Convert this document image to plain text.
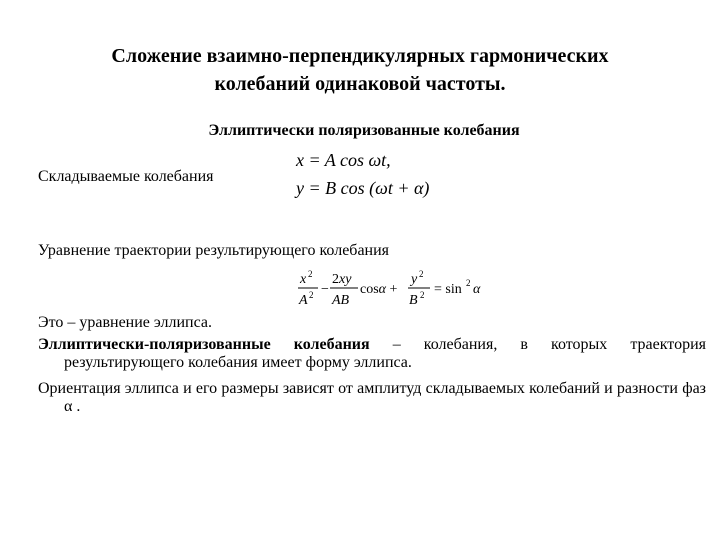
Сложение взаимно-перпендикулярных гармонических
колебаний одинаковой частоты.
Эллиптически поляризованные колебания
Складываемые колебания
x = A cos ωt,
y = B cos (ωt + α)
Уравнение траектории результирующего колебания
x 2
A 2 −
2xy
AB
cosα +
y 2
B 2 = sin 2 α
Это – уравнение эллипса.
Эллиптически-поляризованные колебания – колебания, в которых траектория результирующего колебания имеет форму эллипса.
Ориентация эллипса и его размеры зависят от амплитуд складываемых колебаний и разности фаз α .
